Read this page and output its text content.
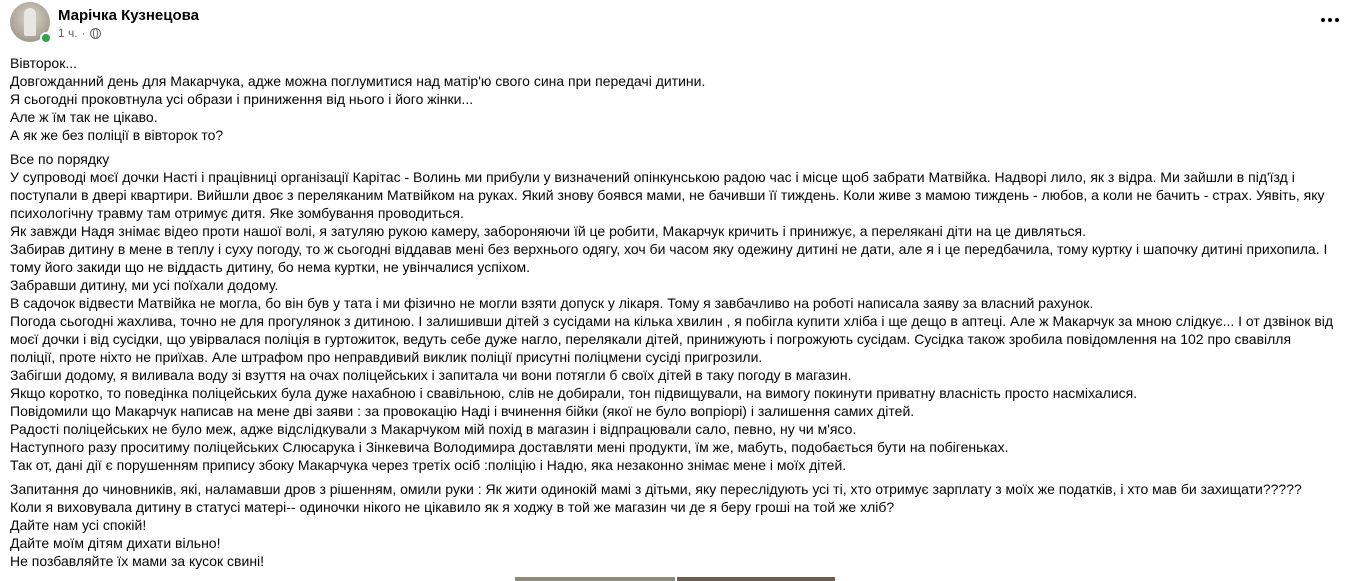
Марічка Кузнецова
1 ч. ·
Вівторок...
Довгожданний день для Макарчука, адже можна поглумитися над матір'ю свого сина при передачі дитини.
Я сьогодні проковтнула усі образи і приниження від нього і його жінки...
Але ж їм так не цікаво.
А як же без поліції в вівторок то?
Все по порядку
У супроводі моєї дочки Насті і працівниці організації Карітас - Волинь ми прибули у визначений опінкунською радою час і місце щоб забрати Матвійка. Надворі лило, як з відра. Ми зайшли в під'їзд і поступали в двері квартири. Вийшли двоє з переляканим Матвійком на руках. Який знову боявся мами, не бачивши її тиждень. Коли живе з мамою тиждень - любов, а коли не бачить - страх. Уявіть, яку психологічну травму там отримує дитя. Яке зомбування проводиться.
Як завжди Надя знімає відео проти нашої волі, я затуляю рукою камеру, забороняючи їй це робити, Макарчук кричить і принижує, а перелякані діти на це дивляться.
Забирав дитину в мене в теплу і суху погоду, то ж сьогодні віддавав мені без верхнього одягу, хоч би часом яку одежину дитині не дати, але я і це передбачила, тому куртку і шапочку дитині прихопила. І тому його закиди що не віддасть дитину, бо нема куртки, не увінчалися успіхом.
Забравши дитину, ми усі поїхали додому.
В садочок відвести Матвійка не могла, бо він був у тата і ми фізично не могли взяти допуск у лікаря. Тому я завбачливо на роботі написала заяву за власний рахунок.
Погода сьогодні жахлива, точно не для прогулянок з дитиною. І залишивши дітей з сусідами на кілька хвилин , я побігла купити хліба і ще дещо в аптеці. Але ж Макарчук за мною слідкує... І от дзвінок від моєї дочки і від сусідки, що увірвалася поліція в гуртожиток, ведуть себе дуже нагло, перелякали дітей, принижують і погрожують сусідам. Сусідка також зробила повідомлення на 102 про свавілля поліції, проте ніхто не приїхав. Але штрафом про неправдивий виклик поліції присутні поліцмени сусіді пригрозили.
Забігши додому, я виливала воду зі взуття на очах поліцейських і запитала чи вони потягли б своїх дітей в таку погоду в магазин.
Якщо коротко, то поведінка поліцейських була дуже нахабною і свавільною, слів не добирали, тон підвищували, на вимогу покинути приватну власність просто насміхалися.
Повідомили що Макарчук написав на мене дві заяви : за провокацію Наді і вчинення бійки (якої не було вопріорі) і залишення самих дітей.
Радості поліцейських не було меж, адже відслідкували з Макарчуком мій похід в магазин і відпрацювали сало, певно, ну чи м'ясо.
Наступного разу проситиму поліцейських Слюсарука і Зінкевича Володимира доставляти мені продукти, їм же, мабуть, подобається бути на побігеньках.
Так от, дані дії є порушенням припису збоку Макарчука через третіх осіб :поліцію і Надю, яка незаконно знімає мене і моїх дітей.
Запитання до чиновників, які, наламавши дров з рішенням, омили руки : Як жити одинокій мамі з дітьми, яку переслідують усі ті, хто отримує зарплату з моїх же податків, і хто мав би захищати?????
Коли я виховувала дитину в статусі матері-- одиночки нікого не цікавило як я ходжу в той же магазин чи де я беру гроші на той же хліб?
Дайте нам усі спокій!
Дайте моїм дітям дихати вільно!
Не позбавляйте їх мами за кусок свині!
